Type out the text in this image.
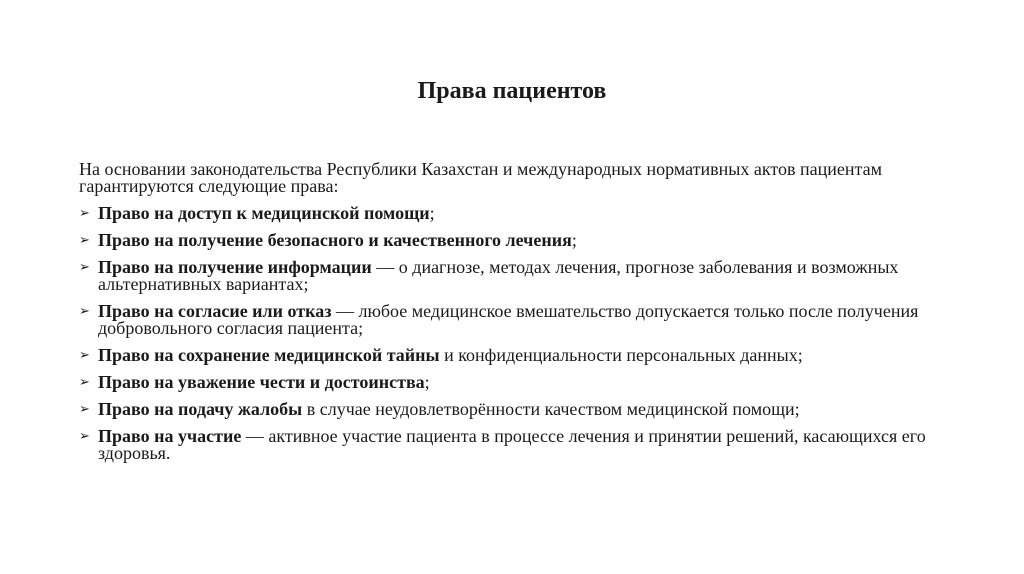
Права пациентов

На основании законодательства Республики Казахстан и международных нормативных актов пациентам гарантируются следующие права:

➢ Право на доступ к медицинской помощи;
➢ Право на получение безопасного и качественного лечения;
➢ Право на получение информации — о диагнозе, методах лечения, прогнозе заболевания и возможных альтернативных вариантах;
➢ Право на согласие или отказ — любое медицинское вмешательство допускается только после получения добровольного согласия пациента;
➢ Право на сохранение медицинской тайны и конфиденциальности персональных данных;
➢ Право на уважение чести и достоинства;
➢ Право на подачу жалобы в случае неудовлетворённости качеством медицинской помощи;
➢ Право на участие — активное участие пациента в процессе лечения и принятии решений, касающихся его здоровья.
